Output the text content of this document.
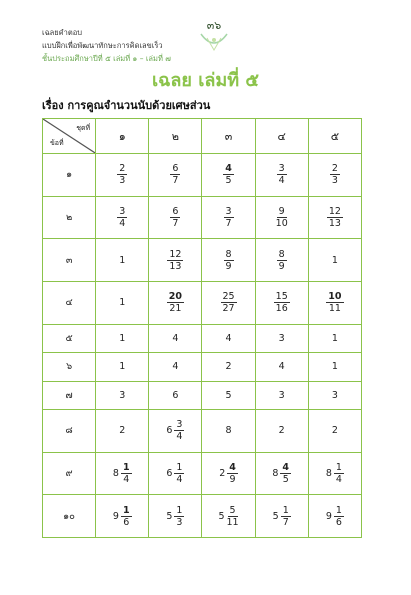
เฉลยคำตอบ
แบบฝึกเพื่อพัฒนาทักษะการคิดเลขเร็ว
ชั้นประถมศึกษาปีที่ ๕ เล่มที่ ๑ – เล่มที่ ๗
๓๖
เฉลย เล่มที่ ๕
เรื่อง การคูณจำนวนนับด้วยเศษส่วน
ชุดที่
ข้อที่	๑	๒	๓	๔	๕
๑	$\frac{2}{3}$	$\frac{6}{7}$	$\frac{4}{5}$	$\frac{3}{4}$	$\frac{2}{3}$

๒	$\frac{3}{4}$	$\frac{6}{7}$	$\frac{3}{7}$	$\frac{9}{10}$	$\frac{12}{13}$

๓	1	$\frac{12}{13}$	$\frac{8}{9}$	$\frac{8}{9}$	1
๔	1	$\frac{20}{21}$	$\frac{25}{27}$	$\frac{15}{16}$	$\frac{10}{11}$

๕	1	4	4	3	1
๖	1	4	2	4	1
๗	3	6	5	3	3
๘	2	$6 \frac{3}{4}$	8	2	2
๙	$8 \frac{1}{4}$	$6 \frac{1}{4}$	$2 \frac{4}{9}$	$8 \frac{4}{5}$	$8 \frac{1}{4}$

๑๐	$9 \frac{1}{6}$	$5 \frac{1}{3}$	$5 \frac{5}{11}$	$5 \frac{1}{7}$	$9 \frac{1}{6}$
